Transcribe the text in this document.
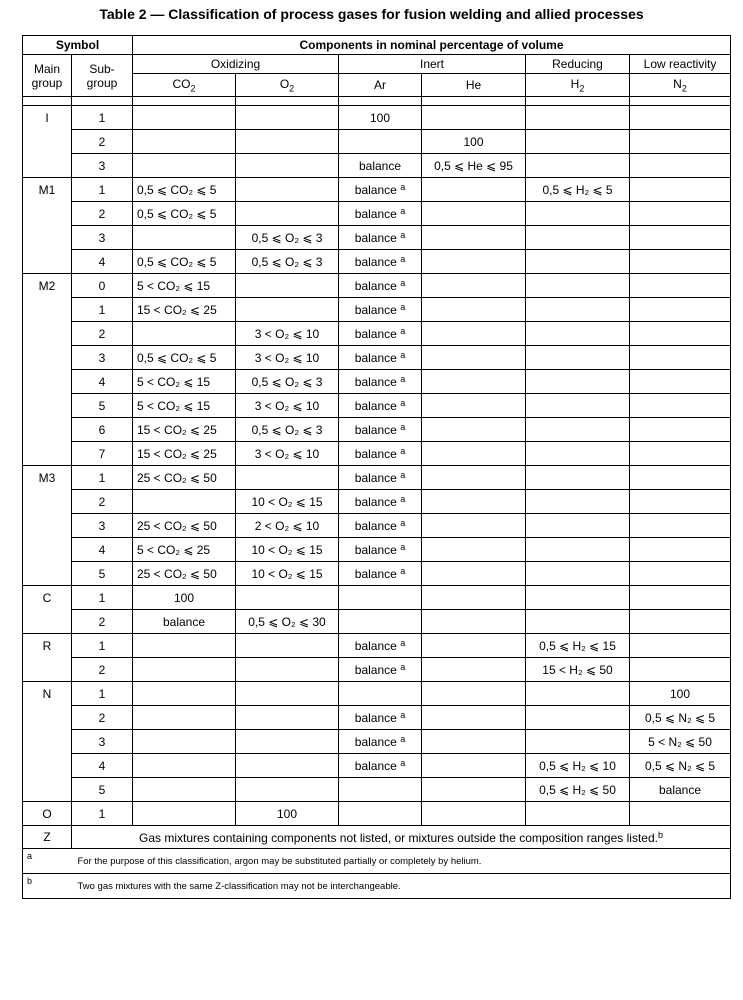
Table 2 — Classification of process gases for fusion welding and allied processes
Symbol		Components in nominal percentage of volume					
Main group	Sub-group	Oxidizing		Inert		Reducing	Low reactivity
		$CO_2$	$O_2$	Ar	He	$H_2$	$N_2$

I	1			100			
	2				100		
	3			balance	0,5 ⩽ He ⩽ 95		
M1	1	0,5 ⩽ CO₂ ⩽ 5		balance $^a$		0,5 ⩽ H₂ ⩽ 5	
	2	0,5 ⩽ CO₂ ⩽ 5		balance $^a$			
	3		0,5 ⩽ O₂ ⩽ 3	balance $^a$			
	4	0,5 ⩽ CO₂ ⩽ 5	0,5 ⩽ O₂ ⩽ 3	balance $^a$			
M2	0	5 < CO₂ ⩽ 15		balance $^a$			
	1	15 < CO₂ ⩽ 25		balance $^a$			
	2		3 < O₂ ⩽ 10	balance $^a$			
	3	0,5 ⩽ CO₂ ⩽ 5	3 < O₂ ⩽ 10	balance $^a$			
	4	5 < CO₂ ⩽ 15	0,5 ⩽ O₂ ⩽ 3	balance $^a$			
	5	5 < CO₂ ⩽ 15	3 < O₂ ⩽ 10	balance $^a$			
	6	15 < CO₂ ⩽ 25	0,5 ⩽ O₂ ⩽ 3	balance $^a$			
	7	15 < CO₂ ⩽ 25	3 < O₂ ⩽ 10	balance $^a$			
M3	1	25 < CO₂ ⩽ 50		balance $^a$			
	2		10 < O₂ ⩽ 15	balance $^a$			
	3	25 < CO₂ ⩽ 50	2 < O₂ ⩽ 10	balance $^a$			
	4	5 < CO₂ ⩽ 25	10 < O₂ ⩽ 15	balance $^a$			
	5	25 < CO₂ ⩽ 50	10 < O₂ ⩽ 15	balance $^a$			
C	1	100					
	2	balance	0,5 ⩽ O₂ ⩽ 30				
R	1			balance $^a$		0,5 ⩽ H₂ ⩽ 15	
	2			balance $^a$		15 < H₂ ⩽ 50	
N	1						100
	2			balance $^a$			0,5 ⩽ N₂ ⩽ 5
	3			balance $^a$			5 < N₂ ⩽ 50
	4			balance $^a$		0,5 ⩽ H₂ ⩽ 10	0,5 ⩽ N₂ ⩽ 5
	5					0,5 ⩽ H₂ ⩽ 50	balance
O	1		100				
Z	Gas mixtures containing components not listed, or mixtures outside the composition ranges listed.$^b$
a	For the purpose of this classification, argon may be substituted partially or completely by helium.						
b	Two gas mixtures with the same Z-classification may not be interchangeable.						
